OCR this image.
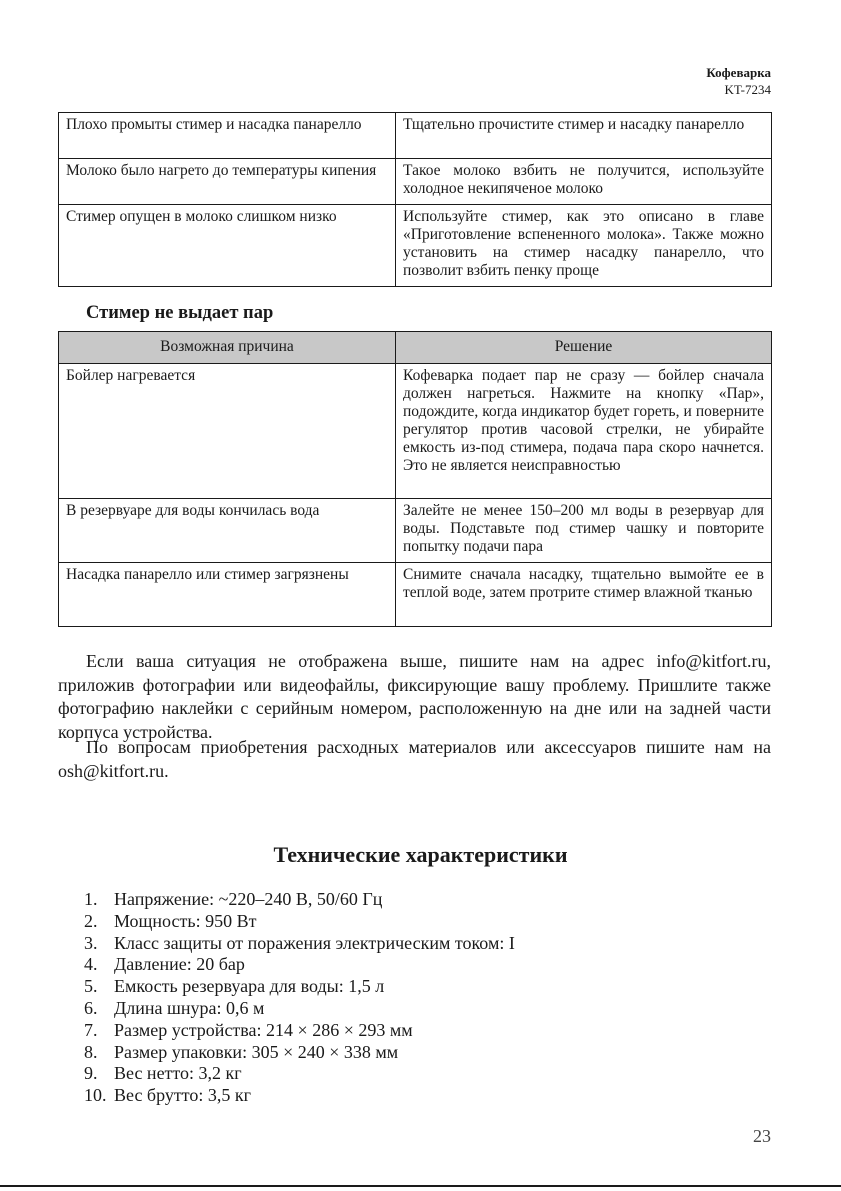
Кофеварка
KT-7234
Плохо промыты стимер и насадка панарелло	Тщательно прочистите стимер и насадку панарелло
Молоко было нагрето до температуры кипения	Такое молоко взбить не получится, используйте холодное некипяченое молоко
Стимер опущен в молоко слишком низко	Используйте стимер, как это описано в главе «Приготовление вспененного молока». Также можно установить на стимер насадку панарелло, что позволит взбить пенку проще
Стимер не выдает пар
Возможная причина	Решение
Бойлер нагревается	Кофеварка подает пар не сразу — бойлер сначала должен нагреться. Нажмите на кнопку «Пар», подождите, когда индикатор будет гореть, и поверните регулятор против часовой стрелки, не убирайте емкость из-под стимера, подача пара скоро начнется. Это не является неисправностью
В резервуаре для воды кончилась вода	Залейте не менее 150–200 мл воды в резервуар для воды. Подставьте под стимер чашку и повторите попытку подачи пара
Насадка панарелло или стимер загрязнены	Снимите сначала насадку, тщательно вымойте ее в теплой воде, затем протрите стимер влажной тканью
Если ваша ситуация не отображена выше, пишите нам на адрес info@kitfort.ru, приложив фотографии или видеофайлы, фиксирующие вашу проблему. Пришлите также фотографию наклейки с серийным номером, расположенную на дне или на задней части корпуса устройства.
По вопросам приобретения расходных материалов или аксессуаров пишите нам на osh@kitfort.ru.
Технические характеристики
1. Напряжение: ~220–240 В, 50/60 Гц
2. Мощность: 950 Вт
3. Класс защиты от поражения электрическим током: I
4. Давление: 20 бар
5. Емкость резервуара для воды: 1,5 л
6. Длина шнура: 0,6 м
7. Размер устройства: 214 × 286 × 293 мм
8. Размер упаковки: 305 × 240 × 338 мм
9. Вес нетто: 3,2 кг
10. Вес брутто: 3,5 кг
23
